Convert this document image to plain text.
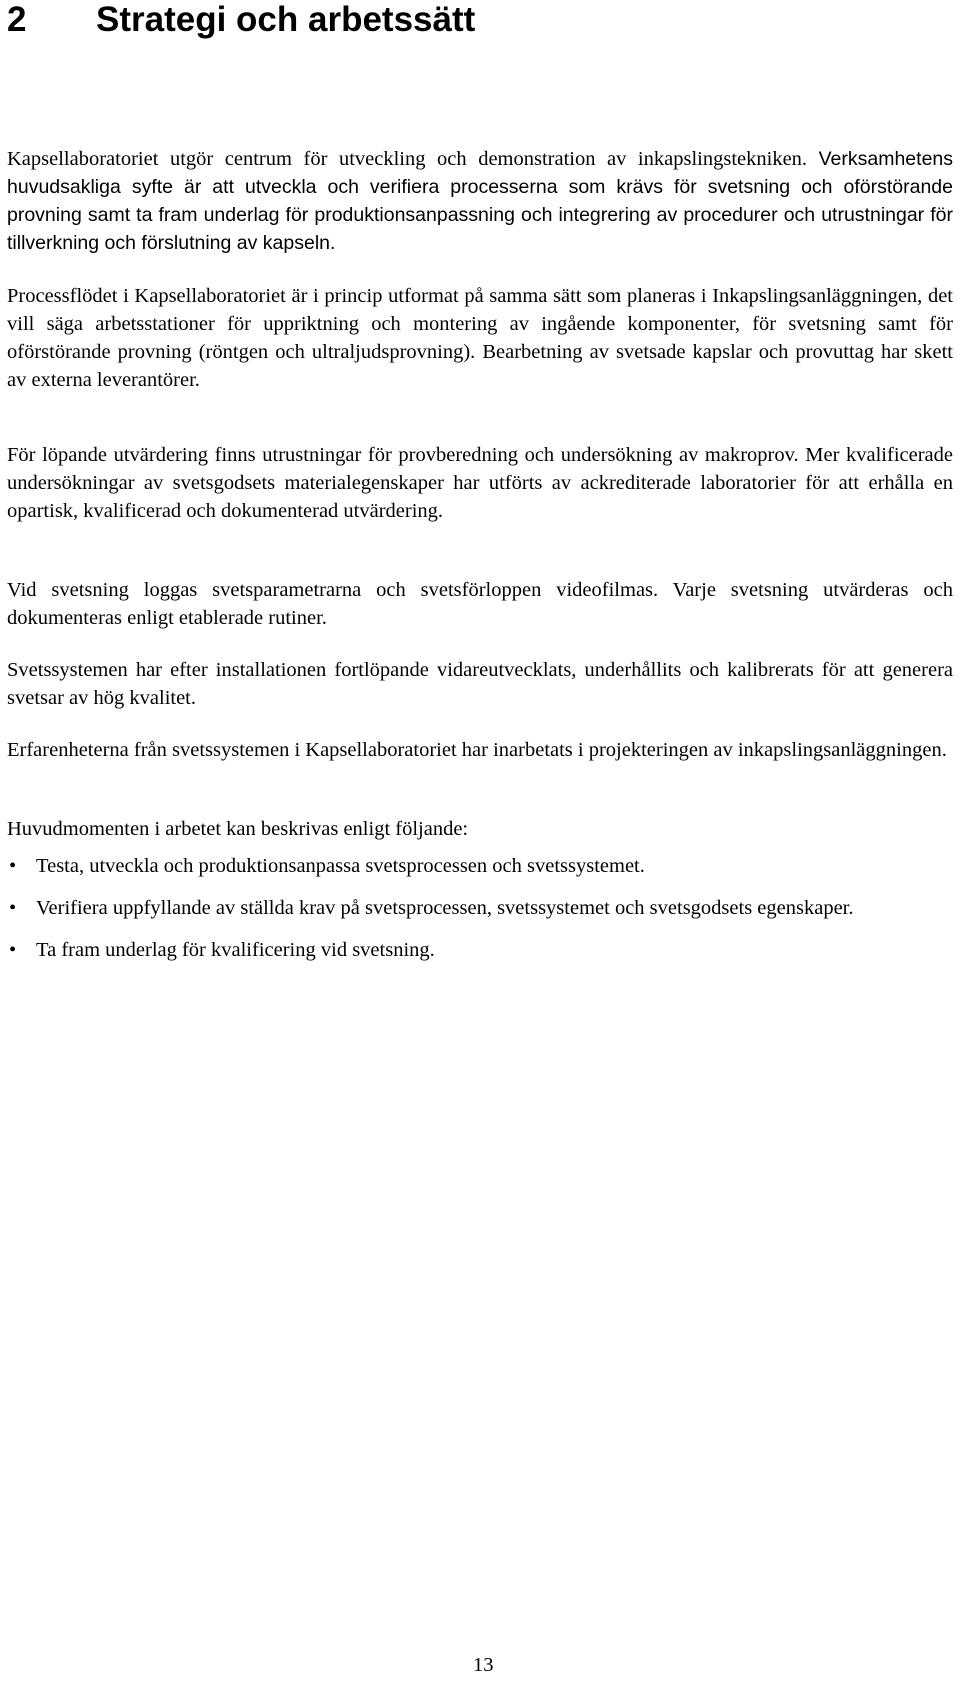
2 Strategi och arbetssätt

Kapsellaboratoriet utgör centrum för utveckling och demonstration av inkapslingstekniken. Verksamhetens huvudsakliga syfte är att utveckla och verifiera processerna som krävs för svetsning och oförstörande provning samt ta fram underlag för produktionsanpassning och integrering av procedurer och utrustningar för tillverkning och förslutning av kapseln.

Processflödet i Kapsellaboratoriet är i princip utformat på samma sätt som planeras i Inkapslingsanläggningen, det vill säga arbetsstationer för uppriktning och montering av ingående komponenter, för svetsning samt för oförstörande provning (röntgen och ultraljudsprovning). Bearbetning av svetsade kapslar och provuttag har skett av externa leverantörer.

För löpande utvärdering finns utrustningar för provberedning och undersökning av makroprov. Mer kvalificerade undersökningar av svetsgodsets materialegenskaper har utförts av ackrediterade laboratorier för att erhålla en opartisk, kvalificerad och dokumenterad utvärdering.

Vid svetsning loggas svetsparametrarna och svetsförloppen videofilmas. Varje svetsning utvärderas och dokumenteras enligt etablerade rutiner.

Svetssystemen har efter installationen fortlöpande vidareutvecklats, underhållits och kalibrerats för att generera svetsar av hög kvalitet.

Erfarenheterna från svetssystemen i Kapsellaboratoriet har inarbetats i projekteringen av inkapslingsanläggningen.

Huvudmomenten i arbetet kan beskrivas enligt följande:

• Testa, utveckla och produktionsanpassa svetsprocessen och svetssystemet.
• Verifiera uppfyllande av ställda krav på svetsprocessen, svetssystemet och svetsgodsets egenskaper.
• Ta fram underlag för kvalificering vid svetsning.
13
